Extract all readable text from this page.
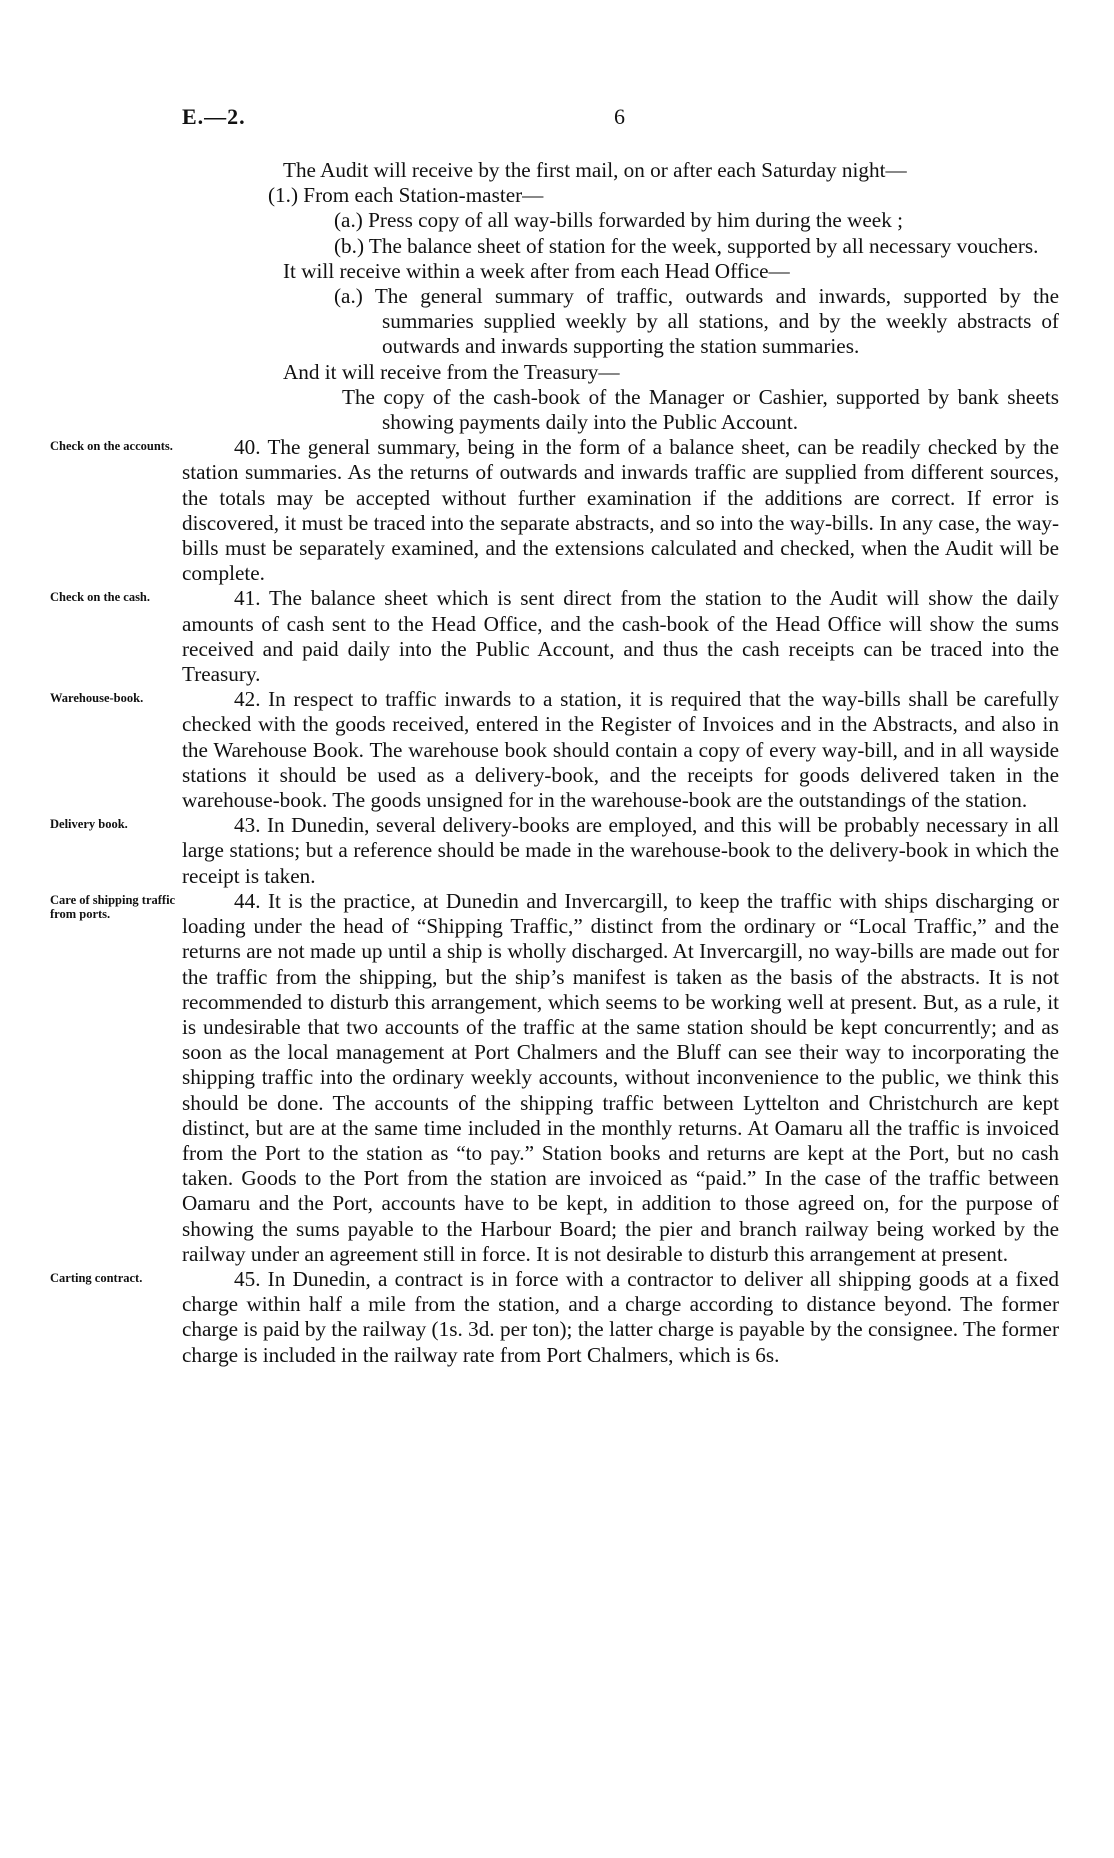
E.—2.	6

The Audit will receive by the first mail, on or after each Saturday night—

(1.) From each Station-master—

(a.) Press copy of all way-bills forwarded by him during the week ;

(b.) The balance sheet of station for the week, supported by all necessary vouchers.

It will receive within a week after from each Head Office—

(a.) The general summary of traffic, outwards and inwards, supported by the summaries supplied weekly by all stations, and by the weekly abstracts of outwards and inwards supporting the station summaries.

And it will receive from the Treasury—

The copy of the cash-book of the Manager or Cashier, supported by bank sheets showing payments daily into the Public Account.

Check on the accounts.	40. The general summary, being in the form of a balance sheet, can be readily checked by the station summaries. As the returns of outwards and inwards traffic are supplied from different sources, the totals may be accepted without further examination if the additions are correct. If error is discovered, it must be traced into the separate abstracts, and so into the way-bills. In any case, the way-bills must be separately examined, and the extensions calculated and checked, when the Audit will be complete.

Check on the cash.	41. The balance sheet which is sent direct from the station to the Audit will show the daily amounts of cash sent to the Head Office, and the cash-book of the Head Office will show the sums received and paid daily into the Public Account, and thus the cash receipts can be traced into the Treasury.

Warehouse-book.	42. In respect to traffic inwards to a station, it is required that the way-bills shall be carefully checked with the goods received, entered in the Register of Invoices and in the Abstracts, and also in the Warehouse Book. The warehouse book should contain a copy of every way-bill, and in all wayside stations it should be used as a delivery-book, and the receipts for goods delivered taken in the warehouse-book. The goods unsigned for in the warehouse-book are the outstandings of the station.

Delivery book.	43. In Dunedin, several delivery-books are employed, and this will be probably necessary in all large stations; but a reference should be made in the warehouse-book to the delivery-book in which the receipt is taken.

Care of shipping traffic from ports.
44. It is the practice, at Dunedin and Invercargill, to keep the traffic with ships discharging or loading under the head of “Shipping Traffic,” distinct from the ordinary or “Local Traffic,” and the returns are not made up until a ship is wholly discharged. At Invercargill, no way-bills are made out for the traffic from the shipping, but the ship’s manifest is taken as the basis of the abstracts. It is not recommended to disturb this arrangement, which seems to be working well at present. But, as a rule, it is undesirable that two accounts of the traffic at the same station should be kept concurrently; and as soon as the local management at Port Chalmers and the Bluff can see their way to incorporating the shipping traffic into the ordinary weekly accounts, without inconvenience to the public, we think this should be done. The accounts of the shipping traffic between Lyttelton and Christchurch are kept distinct, but are at the same time included in the monthly returns. At Oamaru all the traffic is invoiced from the Port to the station as “to pay.” Station books and returns are kept at the Port, but no cash taken. Goods to the Port from the station are invoiced as “paid.” In the case of the traffic between Oamaru and the Port, accounts have to be kept, in addition to those agreed on, for the purpose of showing the sums payable to the Harbour Board; the pier and branch railway being worked by the railway under an agreement still in force. It is not desirable to disturb this arrangement at present.

Carting contract.	45. In Dunedin, a contract is in force with a contractor to deliver all shipping goods at a fixed charge within half a mile from the station, and a charge according to distance beyond. The former charge is paid by the railway (1s. 3d. per ton); the latter charge is payable by the consignee. The former charge is included in the railway rate from Port Chalmers, which is 6s.
